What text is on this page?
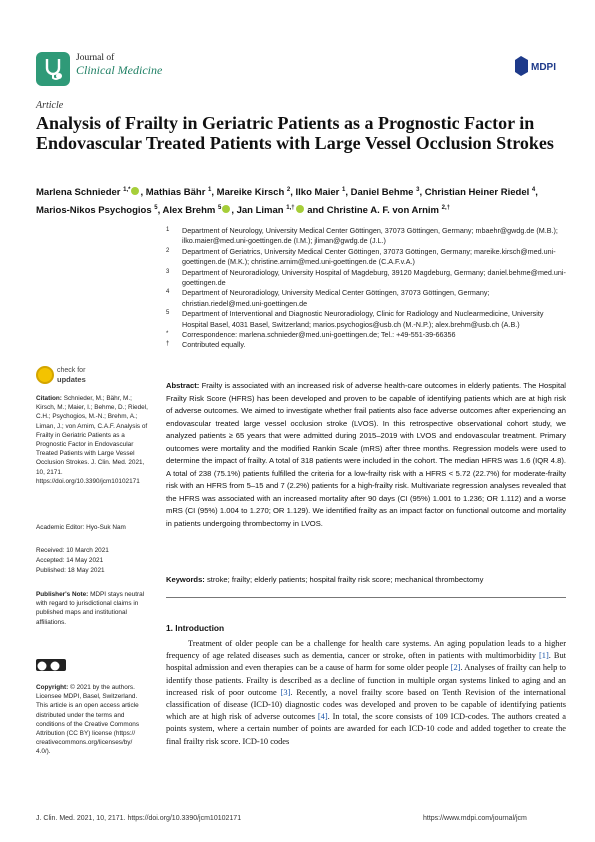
Journal of
Clinical Medicine	MDPI
Article
Analysis of Frailty in Geriatric Patients as a Prognostic Factor in Endovascular Treated Patients with Large Vessel Occlusion Strokes
Marlena Schnieder $^{1,*}$ , Mathias Bähr $^1$, Mareike Kirsch $^2$, Ilko Maier $^1$, Daniel Behme $^3$, Christian Heiner Riedel $^4$, Marios-Nikos Psychogios $^5$, Alex Brehm $^5$ , Jan Liman $^{1,\dagger}$ and Christine A. F. von Arnim $^{2,\dagger}$
1 Department of Neurology, University Medical Center Göttingen, 37073 Göttingen, Germany; mbaehr@gwdg.de (M.B.); ilko.maier@med.uni-goettingen.de (I.M.); jliman@gwdg.de (J.L.)
2 Department of Geriatrics, University Medical Center Göttingen, 37073 Göttingen, Germany; mareike.kirsch@med.uni-goettingen.de (M.K.); christine.arnim@med.uni-goettingen.de (C.A.F.v.A.)
3 Department of Neuroradiology, University Hospital of Magdeburg, 39120 Magdeburg, Germany; daniel.behme@med.uni-goettingen.de
4 Department of Neuroradiology, University Medical Center Göttingen, 37073 Göttingen, Germany; christian.riedel@med.uni-goettingen.de
5 Department of Interventional and Diagnostic Neuroradiology, Clinic for Radiology and Nuclearmedicine, University Hospital Basel, 4031 Basel, Switzerland; marios.psychogios@usb.ch (M.-N.P.); alex.brehm@usb.ch (A.B.)
* Correspondence: marlena.schnieder@med.uni-goettingen.de; Tel.: +49-551-39-66356
† Contributed equally.
check for
updates
Citation: Schnieder, M.; Bähr, M.; Kirsch, M.; Maier, I.; Behme, D.; Riedel, C.H.; Psychogios, M.-N.; Brehm, A.; Liman, J.; von Arnim, C.A.F. Analysis of Frailty in Geriatric Patients as a Prognostic Factor in Endovascular Treated Patients with Large Vessel Occlusion Strokes. J. Clin. Med. 2021, 10, 2171. https://doi.org/10.3390/jcm10102171
Academic Editor: Hyo-Suk Nam
Received: 10 March 2021
Accepted: 14 May 2021
Published: 18 May 2021
Publisher's Note: MDPI stays neutral with regard to jurisdictional claims in published maps and institutional affiliations.
Copyright: © 2021 by the authors. Licensee MDPI, Basel, Switzerland. This article is an open access article distributed under the terms and conditions of the Creative Commons Attribution (CC BY) license (https:// creativecommons.org/licenses/by/ 4.0/).
Abstract: Frailty is associated with an increased risk of adverse health-care outcomes in elderly patients. The Hospital Frailty Risk Score (HFRS) has been developed and proven to be capable of identifying patients which are at high risk of adverse outcomes. We aimed to investigate whether frail patients also face adverse outcomes after experiencing an endovascular treated large vessel occlusion stroke (LVOS). In this retrospective observational cohort study, we analyzed patients ≥ 65 years that were admitted during 2015–2019 with LVOS and endovascular treatment. Primary outcomes were mortality and the modified Rankin Scale (mRS) after three months. Regression models were used to determine the impact of frailty. A total of 318 patients were included in the cohort. The median HFRS was 1.6 (IQR 4.8). A total of 238 (75.1%) patients fulfilled the criteria for a low-frailty risk with a HFRS < 5.72 (22.7%) for moderate-frailty risk with an HFRS from 5–15 and 7 (2.2%) patients for a high-frailty risk. Multivariate regression analyses revealed that the HFRS was associated with an increased mortality after 90 days (CI (95%) 1.001 to 1.236; OR 1.112) and a worse mRS (CI (95%) 1.004 to 1.270; OR 1.129). We identified frailty as an impact factor on functional outcome and mortality in patients undergoing thrombectomy in LVOS.
Keywords: stroke; frailty; elderly patients; hospital frailty risk score; mechanical thrombectomy
1. Introduction

Treatment of older people can be a challenge for health care systems. An aging population leads to a higher frequency of age related diseases such as dementia, cancer or stroke, often in patients with multimorbidity [1]. But hospital admission and even therapies can be a cause of harm for some older people [2]. Analyses of frailty can help to identify those patients. Frailty is described as a decline of function in multiple organ systems linked to aging and an increased risk of poor outcome [3]. Recently, a novel frailty score based on Tenth Revision of the international classification of disease (ICD-10) diagnostic codes was developed and proven to be capable of identifying patients which are at high risk of adverse outcomes [4]. In total, the score consists of 109 ICD-codes. The authors created a points system, where a certain number of points are awarded for each ICD-10 code and added together to create the final frailty risk score. ICD-10 codes

J. Clin. Med. 2021, 10, 2171. https://doi.org/10.3390/jcm10102171	https://www.mdpi.com/journal/jcm
